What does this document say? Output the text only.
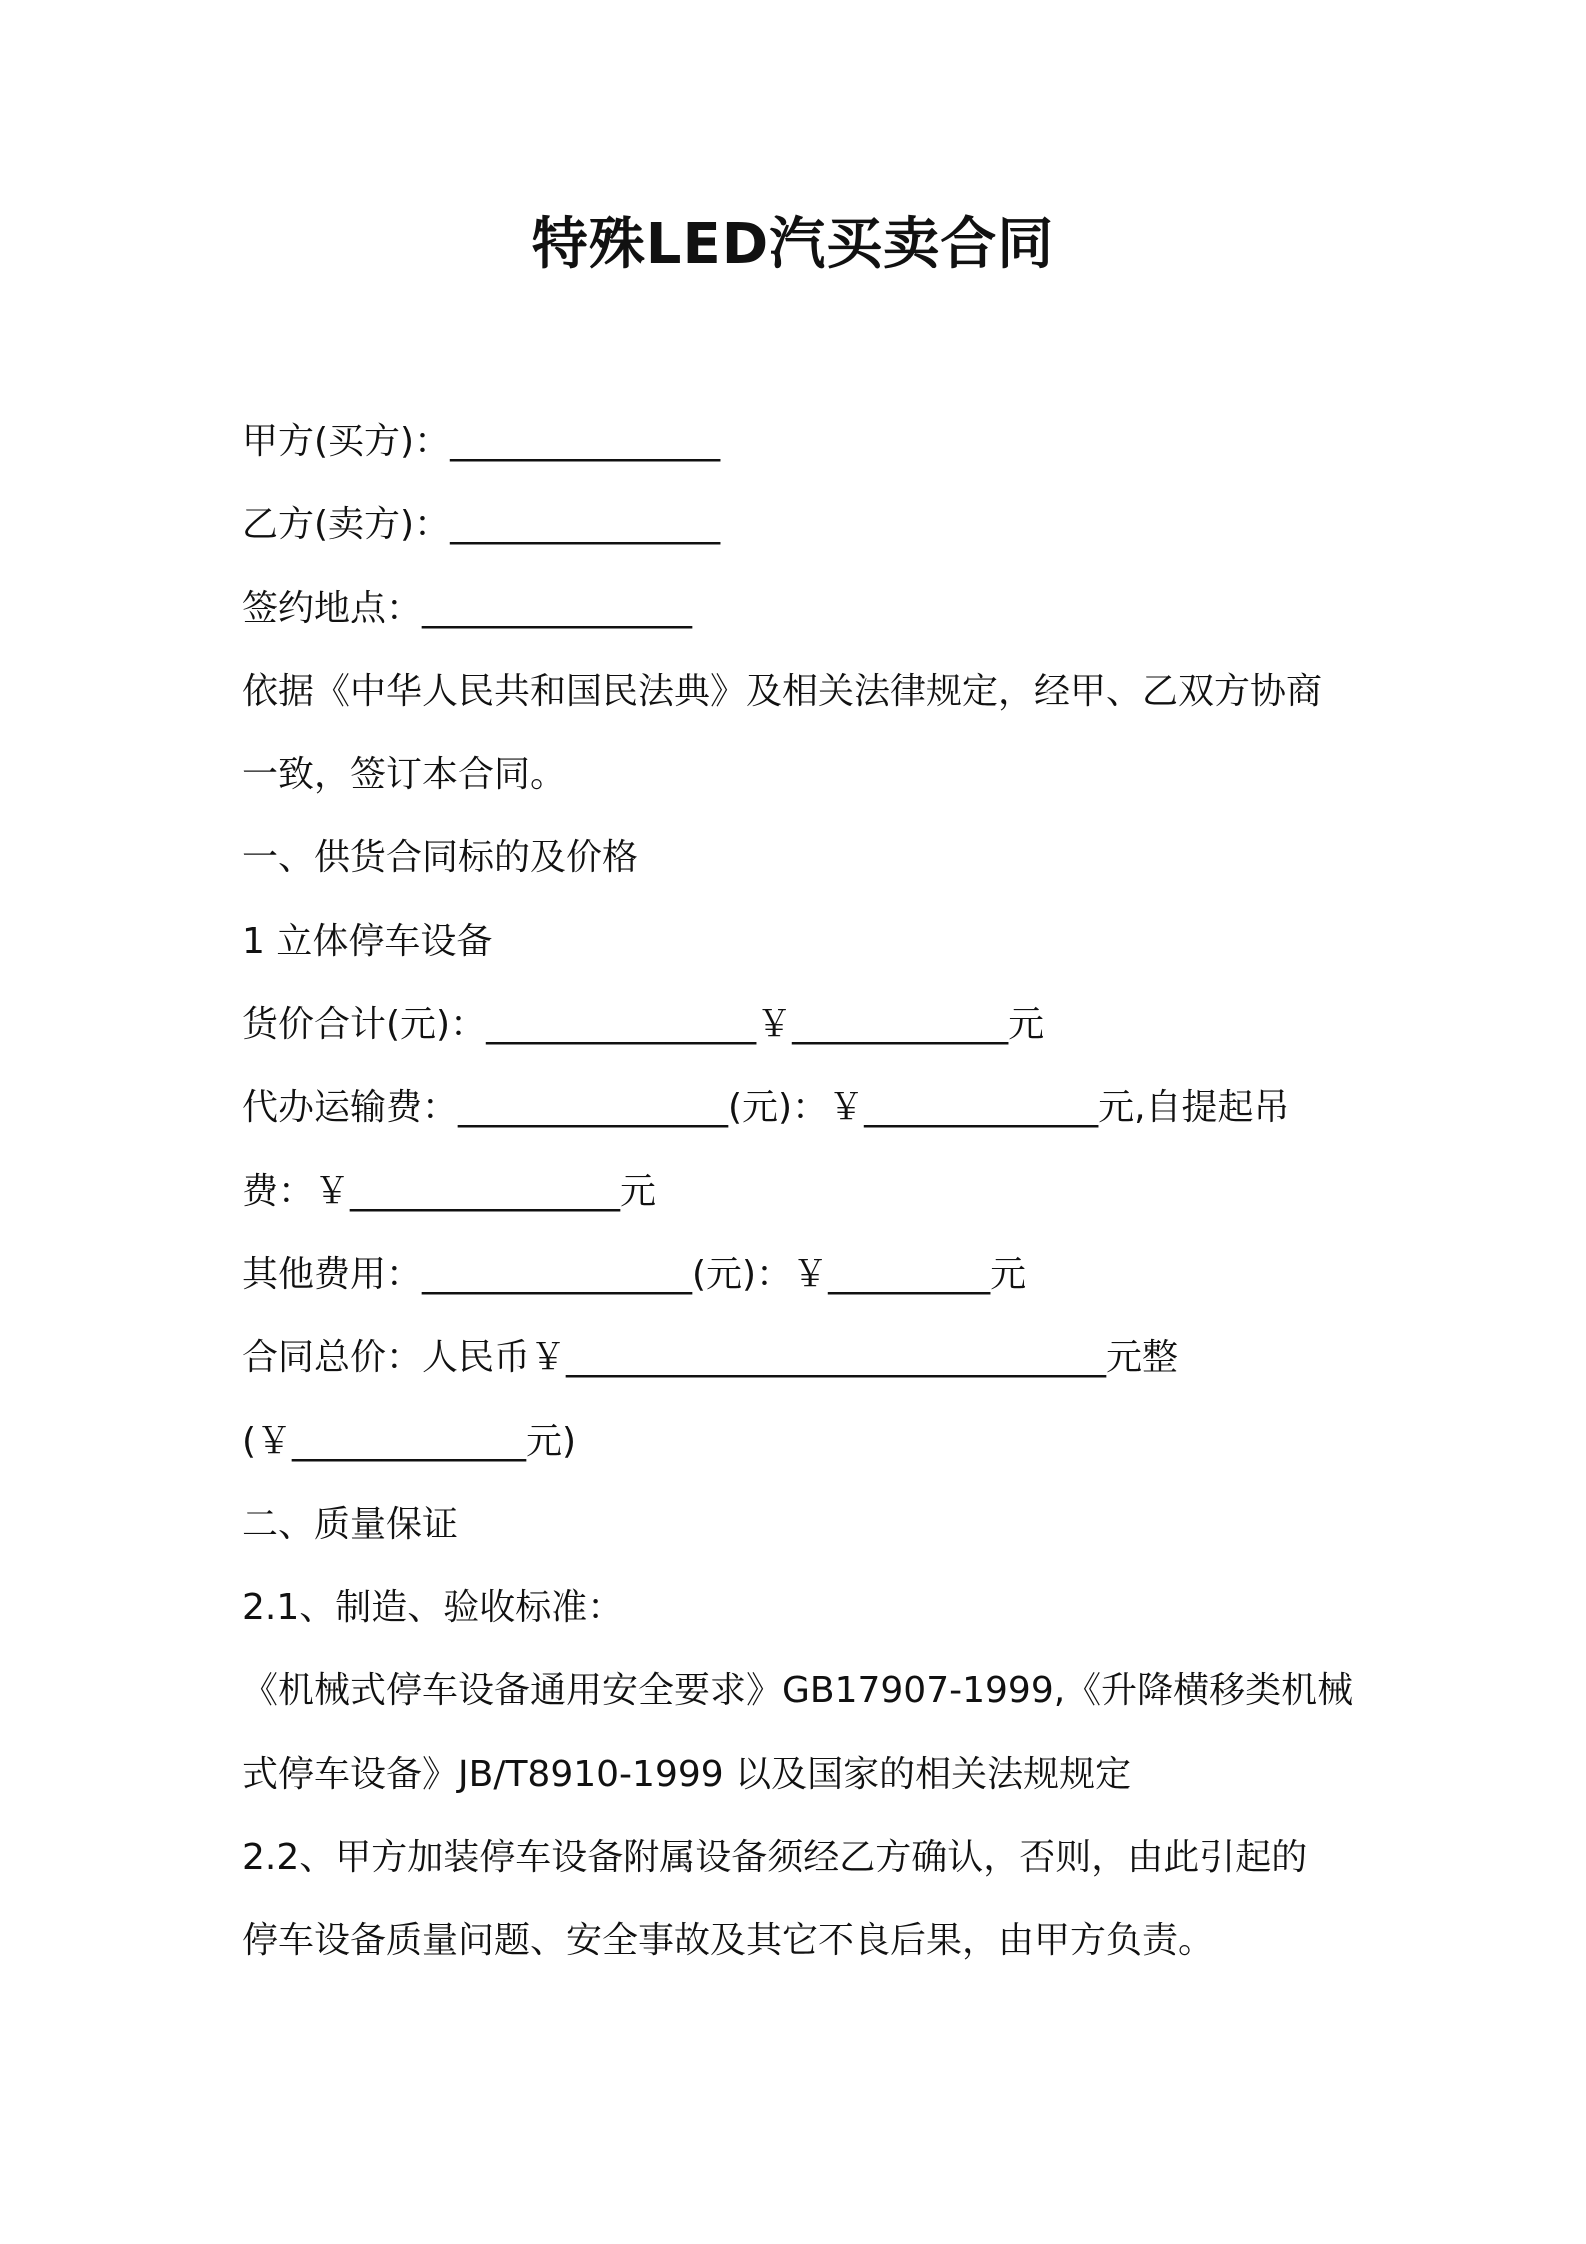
特殊LED汽买卖合同
甲方(买方)：_______________
乙方(卖方)：_______________
签约地点：_______________
依据《中华人民共和国民法典》及相关法律规定，经甲、乙双方协商
一致，签订本合同。
一、供货合同标的及价格
1 立体停车设备
货价合计(元)：_______________￥____________元
代办运输费：_______________(元)：￥_____________元,自提起吊
费：￥_______________元
其他费用：_______________(元)：￥_________元
合同总价：人民币￥______________________________元整
(￥_____________元)
二、质量保证
2.1、制造、验收标准：
《机械式停车设备通用安全要求》GB17907-1999,《升降横移类机械
式停车设备》JB/T8910-1999 以及国家的相关法规规定
2.2、甲方加装停车设备附属设备须经乙方确认，否则，由此引起的
停车设备质量问题、安全事故及其它不良后果，由甲方负责。
